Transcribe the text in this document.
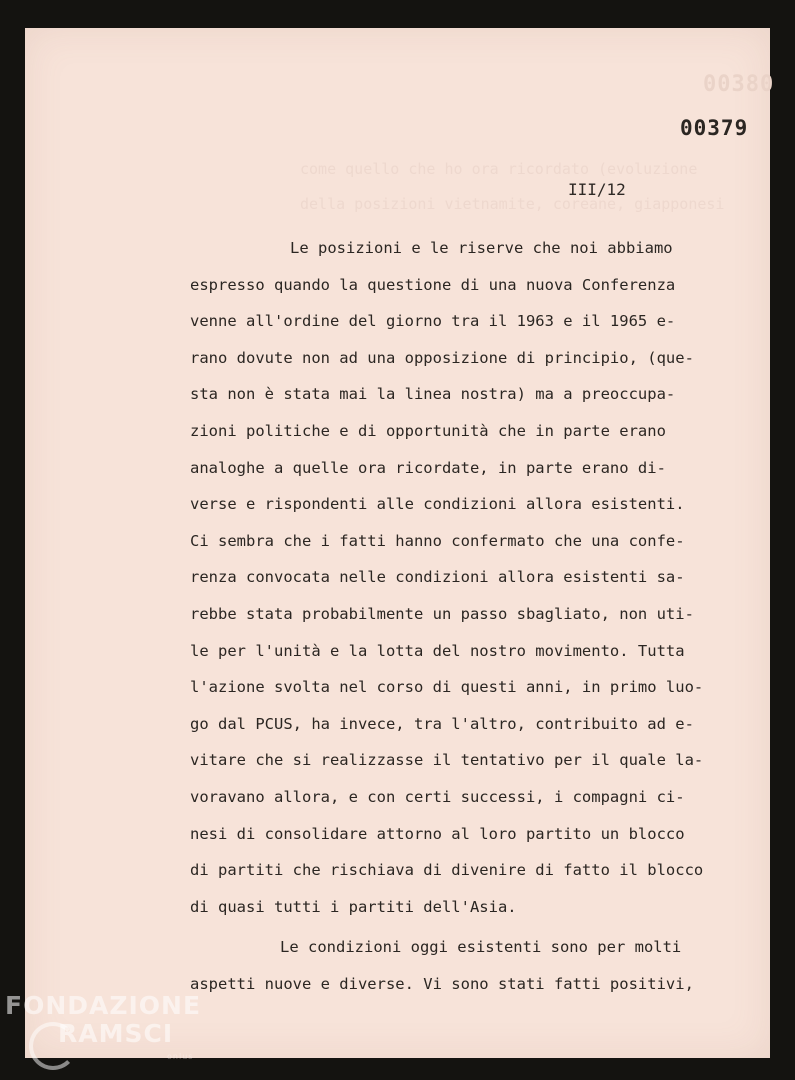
00380
come quello che ho ora ricordato (evoluzione
della posizioni vietnamite, coreane, giapponesi
00379
III/12
Le posizioni e le riserve che noi abbiamo
espresso quando la questione di una nuova Conferenza
venne all'ordine del giorno tra il 1963 e il 1965 e-
rano dovute non ad una opposizione di principio, (que-
sta non è stata mai la linea nostra) ma a preoccupa-
zioni politiche e di opportunità che in parte erano
analoghe a quelle ora ricordate, in parte erano di-
verse e rispondenti alle condizioni allora esistenti.
Ci sembra che i fatti hanno confermato che una confe-
renza convocata nelle condizioni allora esistenti sa-
rebbe stata probabilmente un passo sbagliato, non uti-
le per l'unità e la lotta del nostro movimento. Tutta
l'azione svolta nel corso di questi anni, in primo luo-
go dal PCUS, ha invece, tra l'altro, contribuito ad e-
vitare che si realizzasse il tentativo per il quale la-
voravano allora, e con certi successi, i compagni ci-
nesi di consolidare attorno al loro partito un blocco
di partiti che rischiava di divenire di fatto il blocco
di quasi tutti i partiti dell'Asia.
Le condizioni oggi esistenti sono per molti
aspetti nuove e diverse. Vi sono stati fatti positivi,
FONDAZIONE
RAMSCI
onlus
